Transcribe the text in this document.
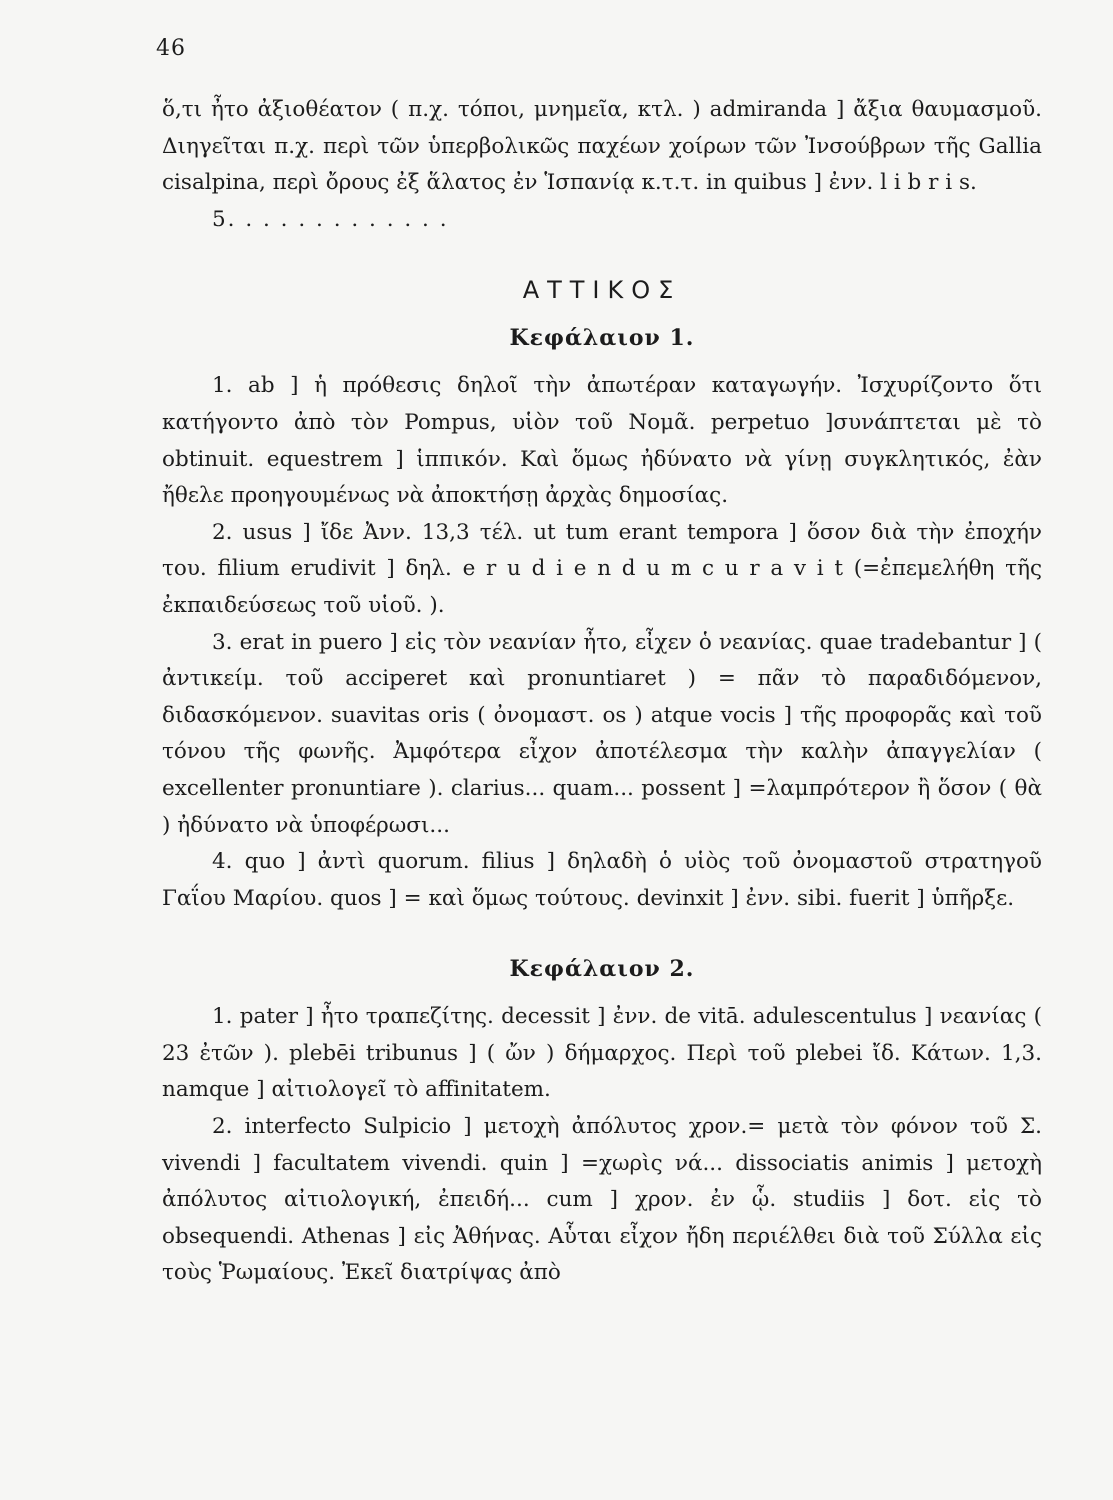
46

ὅ,τι ἦτο ἀξιοθέατον ( π.χ. τόποι, μνημεῖα, κτλ. ) admiranda ] ἄξια θαυμασμοῦ. Διηγεῖται π.χ. περὶ τῶν ὑπερβολικῶς παχέων χοίρων τῶν Ἰνσούβρων τῆς Gallia cisalpina, περὶ ὄρους ἐξ ἅλατος ἐν Ἱσπανίᾳ κ.τ.τ. in quibus ] ἐνν. l i b r i s.

5. . . . . . . . . . . . .

ΑΤΤΙΚΟΣ
Κεφάλαιον 1.

1. ab ] ἡ πρόθεσις δηλοῖ τὴν ἀπωτέραν καταγωγήν. Ἰσχυρίζοντο ὅτι κατήγοντο ἀπὸ τὸν Pompus, υἱὸν τοῦ Νομᾶ. perpetuo ]συνάπτεται μὲ τὸ obtinuit. equestrem ] ἱππικόν. Καὶ ὅμως ἠδύνατο νὰ γίνῃ συγκλητικός, ἐὰν ἤθελε προηγουμένως νὰ ἀποκτήσῃ ἀρχὰς δημοσίας.

2. usus ] ἴδε Ἀνν. 13,3 τέλ. ut tum erant tempora ] ὅσον διὰ τὴν ἐποχήν του. filium erudivit ] δηλ. e r u d i e n d u m c u r a v i t (=ἐπεμελήθη τῆς ἐκπαιδεύσεως τοῦ υἱοῦ. ).

3. erat in puero ] εἰς τὸν νεανίαν ἦτο, εἶχεν ὁ νεανίας. quae tradebantur ] ( ἀντικείμ. τοῦ acciperet καὶ pronuntiaret ) = πᾶν τὸ παραδιδόμενον, διδασκόμενον. suavitas oris ( ὀνομαστ. os ) atque vocis ] τῆς προφορᾶς καὶ τοῦ τόνου τῆς φωνῆς. Ἀμφότερα εἶχον ἀποτέλεσμα τὴν καλὴν ἀπαγγελίαν ( excellenter pronuntiare ). clarius... quam... possent ] =λαμπρότερον ἢ ὅσον ( θὰ ) ἠδύνατο νὰ ὑποφέρωσι...

4. quo ] ἀντὶ quorum. filius ] δηλαδὴ ὁ υἱὸς τοῦ ὀνομαστοῦ στρατηγοῦ Γαΐου Μαρίου. quos ] = καὶ ὅμως τούτους. devinxit ] ἐνν. sibi. fuerit ] ὑπῆρξε.

Κεφάλαιον 2.

1. pater ] ἦτο τραπεζίτης. decessit ] ἐνν. de vitā. adulescentulus ] νεανίας ( 23 ἐτῶν ). plebēi tribunus ] ( ὤν ) δήμαρχος. Περὶ τοῦ plebei ἴδ. Κάτων. 1,3. namque ] αἰτιολογεῖ τὸ affinitatem.

2. interfecto Sulpicio ] μετοχὴ ἀπόλυτος χρον.= μετὰ τὸν φόνον τοῦ Σ. vivendi ] facultatem vivendi. quin ] =χωρὶς νά... dissociatis animis ] μετοχὴ ἀπόλυτος αἰτιολογική, ἐπειδή... cum ] χρον. ἐν ᾧ. studiis ] δοτ. εἰς τὸ obsequendi. Athenas ] εἰς Ἀθήνας. Αὗται εἶχον ἤδη περιέλθει διὰ τοῦ Σύλλα εἰς τοὺς Ῥωμαίους. Ἐκεῖ διατρίψας ἀπὸ
